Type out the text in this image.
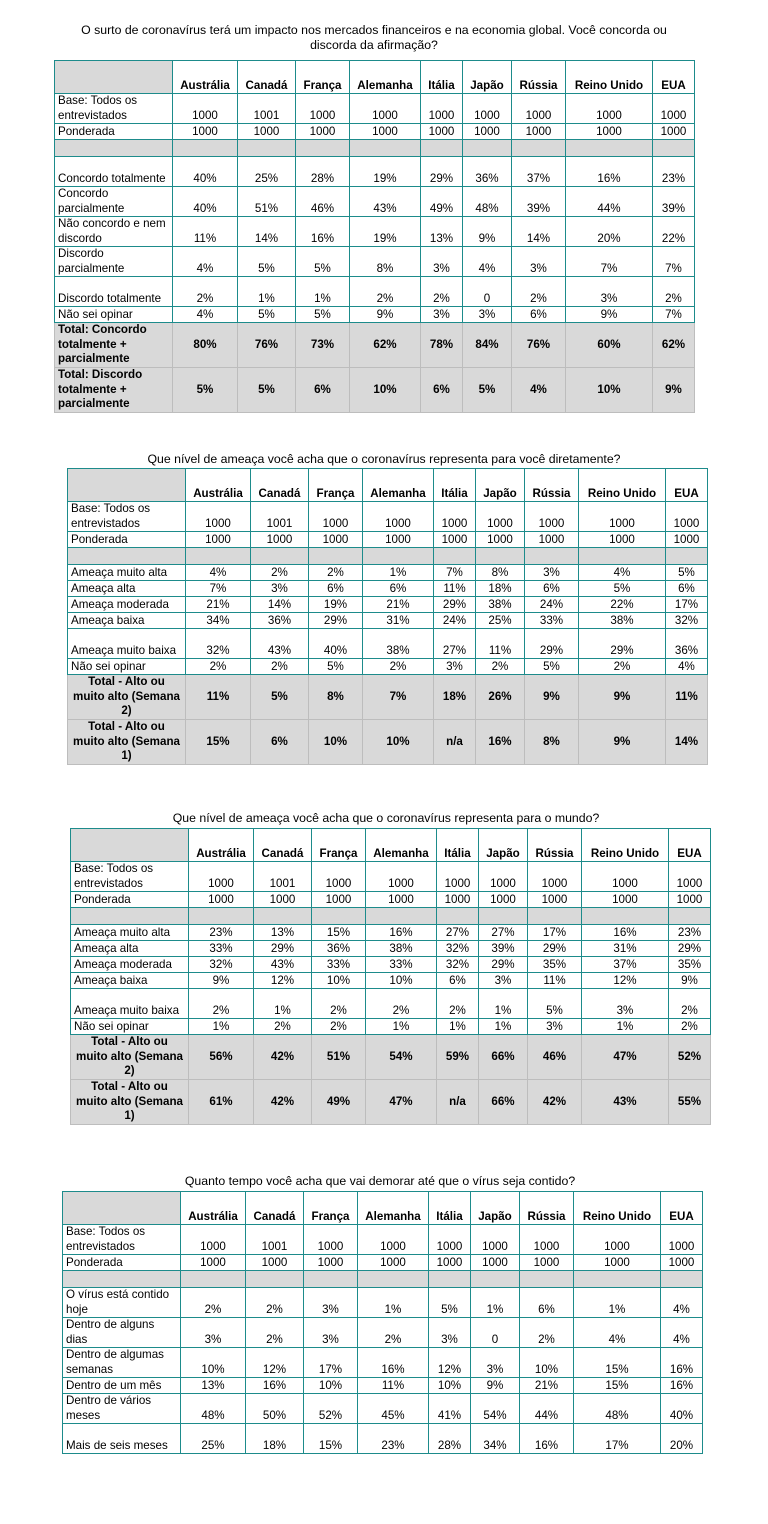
O surto de coronavírus terá um impacto nos mercados financeiros e na economia global. Você concorda ou discorda da afirmação?
	Austrália	Canadá	França	Alemanha	Itália	Japão	Rússia	Reino Unido	EUA
Base: Todos os entrevistados	1000	1001	1000	1000	1000	1000	1000	1000	1000
Ponderada	1000	1000	1000	1000	1000	1000	1000	1000	1000

Concordo totalmente	40%	25%	28%	19%	29%	36%	37%	16%	23%
Concordo parcialmente	40%	51%	46%	43%	49%	48%	39%	44%	39%
Não concordo e nem discordo	11%	14%	16%	19%	13%	9%	14%	20%	22%
Discordo parcialmente	4%	5%	5%	8%	3%	4%	3%	7%	7%
Discordo totalmente	2%	1%	1%	2%	2%	0	2%	3%	2%
Não sei opinar	4%	5%	5%	9%	3%	3%	6%	9%	7%
Total: Concordo totalmente + parcialmente	80%	76%	73%	62%	78%	84%	76%	60%	62%
Total: Discordo totalmente + parcialmente	5%	5%	6%	10%	6%	5%	4%	10%	9%
Que nível de ameaça você acha que o coronavírus representa para você diretamente?
	Austrália	Canadá	França	Alemanha	Itália	Japão	Rússia	Reino Unido	EUA
Base: Todos os entrevistados	1000	1001	1000	1000	1000	1000	1000	1000	1000
Ponderada	1000	1000	1000	1000	1000	1000	1000	1000	1000

Ameaça muito alta	4%	2%	2%	1%	7%	8%	3%	4%	5%
Ameaça alta	7%	3%	6%	6%	11%	18%	6%	5%	6%
Ameaça moderada	21%	14%	19%	21%	29%	38%	24%	22%	17%
Ameaça baixa	34%	36%	29%	31%	24%	25%	33%	38%	32%
Ameaça muito baixa	32%	43%	40%	38%	27%	11%	29%	29%	36%
Não sei opinar	2%	2%	5%	2%	3%	2%	5%	2%	4%
Total - Alto ou muito alto (Semana 2)	11%	5%	8%	7%	18%	26%	9%	9%	11%
Total - Alto ou muito alto (Semana 1)	15%	6%	10%	10%	n/a	16%	8%	9%	14%
Que nível de ameaça você acha que o coronavírus representa para o mundo?
	Austrália	Canadá	França	Alemanha	Itália	Japão	Rússia	Reino Unido	EUA
Base: Todos os entrevistados	1000	1001	1000	1000	1000	1000	1000	1000	1000
Ponderada	1000	1000	1000	1000	1000	1000	1000	1000	1000

Ameaça muito alta	23%	13%	15%	16%	27%	27%	17%	16%	23%
Ameaça alta	33%	29%	36%	38%	32%	39%	29%	31%	29%
Ameaça moderada	32%	43%	33%	33%	32%	29%	35%	37%	35%
Ameaça baixa	9%	12%	10%	10%	6%	3%	11%	12%	9%
Ameaça muito baixa	2%	1%	2%	2%	2%	1%	5%	3%	2%
Não sei opinar	1%	2%	2%	1%	1%	1%	3%	1%	2%
Total - Alto ou muito alto (Semana 2)	56%	42%	51%	54%	59%	66%	46%	47%	52%
Total - Alto ou muito alto (Semana 1)	61%	42%	49%	47%	n/a	66%	42%	43%	55%
Quanto tempo você acha que vai demorar até que o vírus seja contido?
	Austrália	Canadá	França	Alemanha	Itália	Japão	Rússia	Reino Unido	EUA
Base: Todos os entrevistados	1000	1001	1000	1000	1000	1000	1000	1000	1000
Ponderada	1000	1000	1000	1000	1000	1000	1000	1000	1000

O vírus está contido hoje	2%	2%	3%	1%	5%	1%	6%	1%	4%
Dentro de alguns dias	3%	2%	3%	2%	3%	0	2%	4%	4%
Dentro de algumas semanas	10%	12%	17%	16%	12%	3%	10%	15%	16%
Dentro de um mês	13%	16%	10%	11%	10%	9%	21%	15%	16%
Dentro de vários meses	48%	50%	52%	45%	41%	54%	44%	48%	40%
Mais de seis meses	25%	18%	15%	23%	28%	34%	16%	17%	20%
